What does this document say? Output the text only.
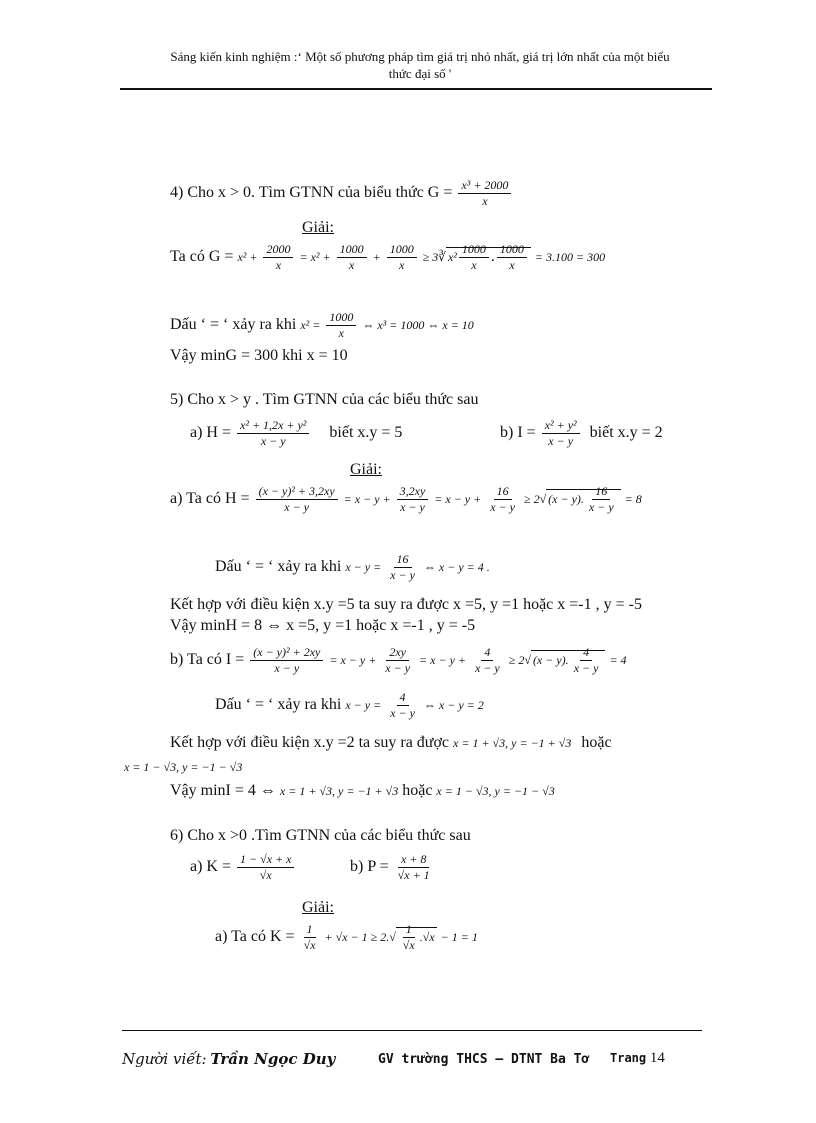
Sáng kiến kinh nghiệm :‘ Một số phương pháp tìm giá trị nhỏ nhất, giá trị lớn nhất của một biểu
thức đại số '
4) Cho x > 0. Tìm GTNN của biểu thức $G = \frac{\text{x³ + 2000}}{x}$
Giải:
Ta có $G = x^2 + \frac{2000}{x} = x^2 + \frac{1000}{x} + \frac{1000}{x}$ ≥ 3∛ $x^2 \frac{1000}{x}$ . $\frac{1000}{x} = 3.100 = 300$
Dấu ‘ = ‘ xảy ra khi $x^2 = \frac{1000}{x}$ ⇔ x³ = 1000 ⇔ x = 10
Vậy minG = 300 khi x = 10
5) Cho x > y . Tìm GTNN của các biểu thức sau
a) $H = \frac{\text{x² + 1,2x + y²}}{x - y}$ biết x.y = 5	b) $I = \frac{\text{x² + y²}}{x - y}$ biết x.y = 2
Giải:
a) Ta có $H = \frac{\text{(x − y)² + 3,2xy}}{x - y} = x - y + \frac{3,2xy}{x - y} = x - y + \frac{16}{x - y} \ge 2√$ (x − y). $\frac{16}{x - y} = 8$
Dấu ‘ = ‘ xảy ra khi $x - y = \frac{16}{x - y}$ ⇔ x − y = 4 .
Kết hợp với điều kiện x.y =5 ta suy ra được x =5, y =1 hoặc x =-1 , y = -5
Vậy minH = 8 ⇔ x =5, y =1 hoặc x =-1 , y = -5
b) Ta có $I = \frac{\text{(x − y)² + 2xy}}{x - y} = x - y + \frac{2xy}{x - y} = x - y + \frac{4}{x - y} \ge 2√$ (x − y). $\frac{4}{x - y} = 4$
Dấu ‘ = ‘ xảy ra khi $x - y = \frac{4}{x - y}$ ⇔ x − y = 2
Kết hợp với điều kiện x.y =2 ta suy ra được x = 1 + √3, y = −1 + √3 hoặc
x = 1 − √3, y = −1 − √3
Vậy minI = 4 ⇔ x = 1 + √3, y = −1 + √3 hoặc x = 1 − √3, y = −1 − √3
6) Cho x >0 .Tìm GTNN của các biểu thức sau
a) $K = \frac{1 - √x + x}{√x}$	b) $P = \frac{x + 8}{√x + 1}$
Giải:
a) Ta có $K = \frac{1}{√x} + √x - 1 \ge 2.√ \frac{1}{√x} .√x - 1 = 1$
Người viết: Trần Ngọc Duy	GV trường THCS – DTNT Ba Tơ Trang 14
